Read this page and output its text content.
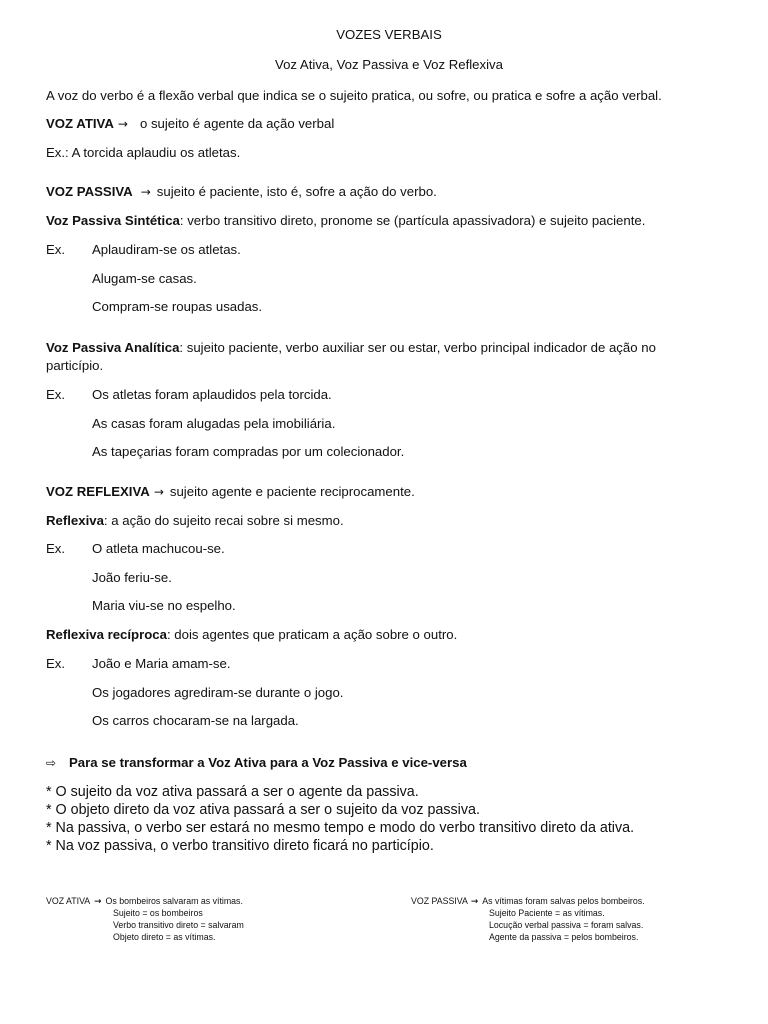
VOZES VERBAIS
Voz Ativa, Voz Passiva e Voz Reflexiva
A voz do verbo é a flexão verbal que indica se o sujeito pratica, ou sofre, ou pratica e sofre a ação verbal.
VOZ ATIVA → o sujeito é agente da ação verbal
Ex.: A torcida aplaudiu os atletas.
VOZ PASSIVA → sujeito é paciente, isto é, sofre a ação do verbo.
Voz Passiva Sintética: verbo transitivo direto, pronome se (partícula apassivadora) e sujeito paciente.
Ex. Aplaudiram-se os atletas.
Alugam-se casas.
Compram-se roupas usadas.
Voz Passiva Analítica: sujeito paciente, verbo auxiliar ser ou estar, verbo principal indicador de ação no particípio.
Ex. Os atletas foram aplaudidos pela torcida.
As casas foram alugadas pela imobiliária.
As tapeçarias foram compradas por um colecionador.
VOZ REFLEXIVA → sujeito agente e paciente reciprocamente.
Reflexiva: a ação do sujeito recai sobre si mesmo.
Ex. O atleta machucou-se.
João feriu-se.
Maria viu-se no espelho.
Reflexiva recíproca: dois agentes que praticam a ação sobre o outro.
Ex. João e Maria amam-se.
Os jogadores agrediram-se durante o jogo.
Os carros chocaram-se na largada.
⇨ Para se transformar a Voz Ativa para a Voz Passiva e vice-versa
* O sujeito da voz ativa passará a ser o agente da passiva.
* O objeto direto da voz ativa passará a ser o sujeito da voz passiva.
* Na passiva, o verbo ser estará no mesmo tempo e modo do verbo transitivo direto da ativa.
* Na voz passiva, o verbo transitivo direto ficará no particípio.
VOZ ATIVA → Os bombeiros salvaram as vítimas.
Sujeito = os bombeiros
Verbo transitivo direto = salvaram
Objeto direto = as vítimas.
VOZ PASSIVA → As vítimas foram salvas pelos bombeiros.
Sujeito Paciente = as vítimas.
Locução verbal passiva = foram salvas.
Agente da passiva = pelos bombeiros.
